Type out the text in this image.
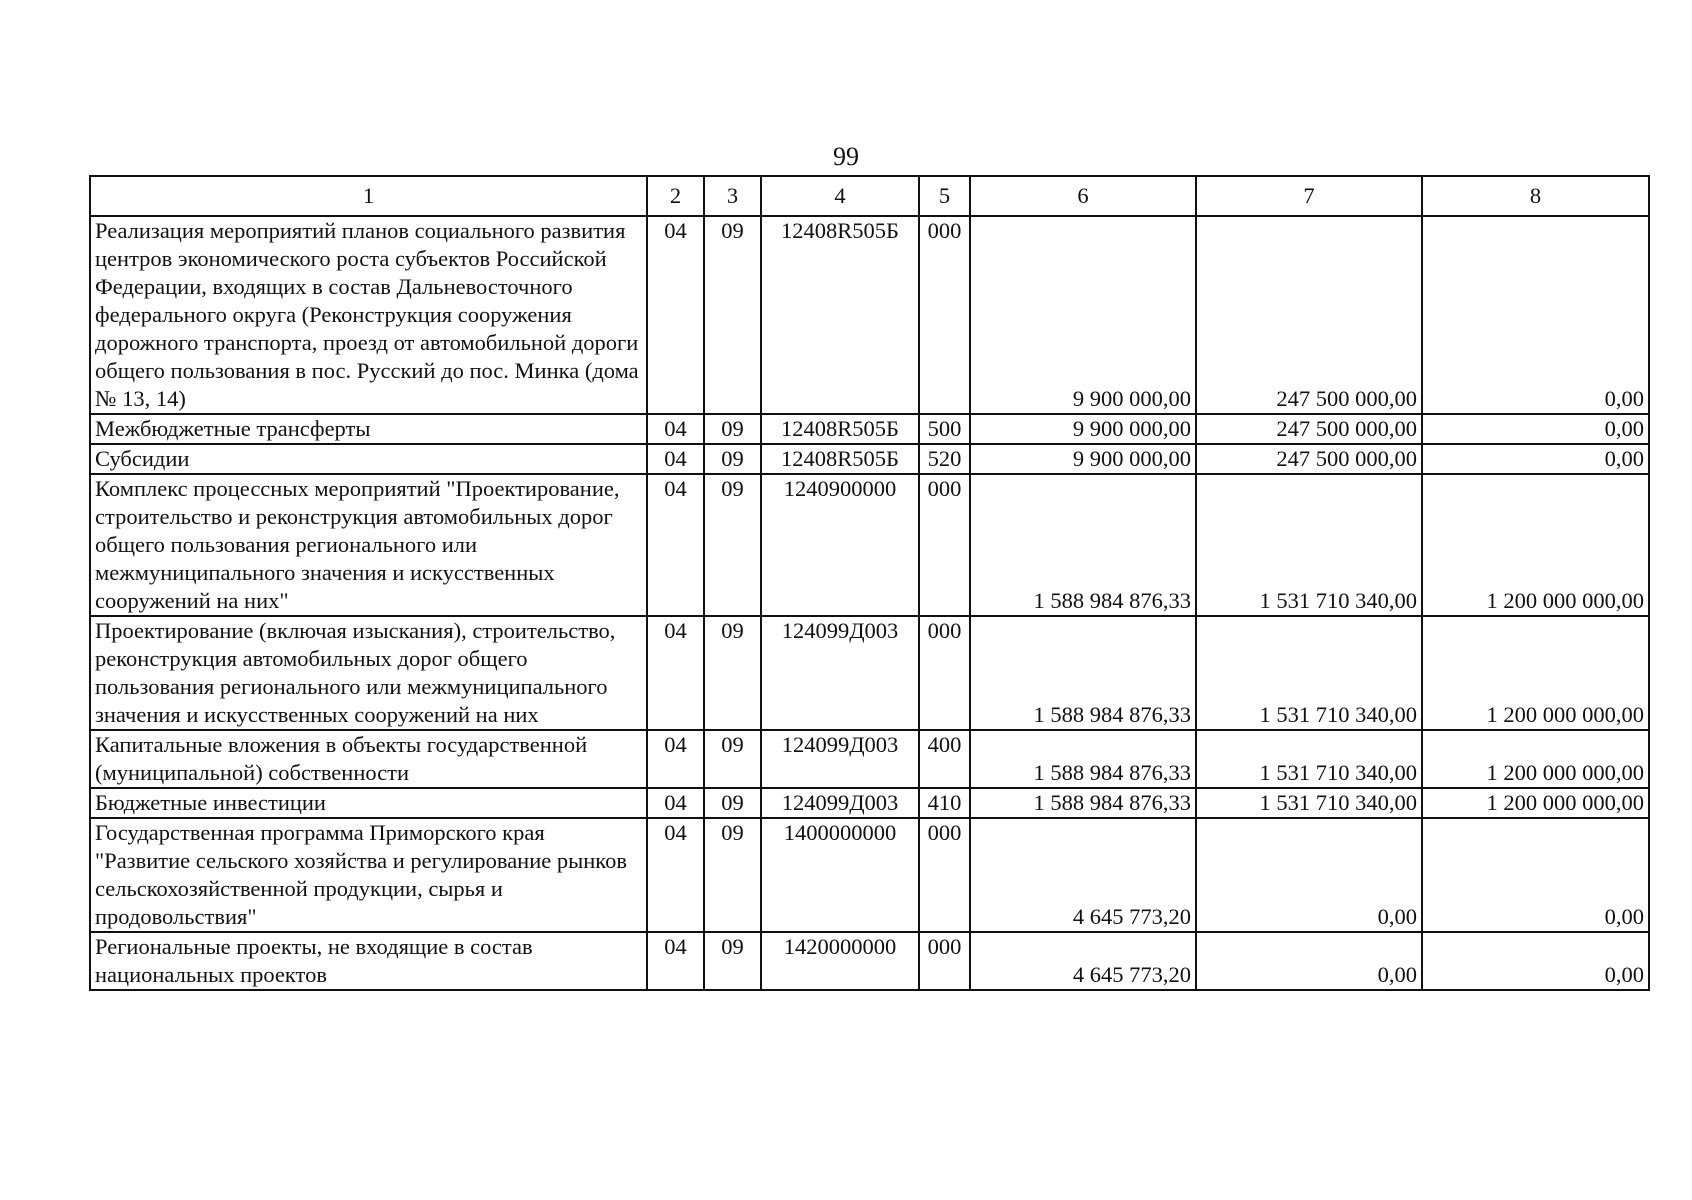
99
1	2	3	4	5	6	7	8
Реализация мероприятий планов социального развития центров экономического роста субъектов Российской Федерации, входящих в состав Дальневосточного федерального округа (Реконструкция сооружения дорожного транспорта, проезд от автомобильной дороги общего пользования в пос. Русский до пос. Минка (дома № 13, 14)	04	09	12408R505Б	000	9 900 000,00	247 500 000,00	0,00
Межбюджетные трансферты	04	09	12408R505Б	500	9 900 000,00	247 500 000,00	0,00
Субсидии	04	09	12408R505Б	520	9 900 000,00	247 500 000,00	0,00
Комплекс процессных мероприятий "Проектирование, строительство и реконструкция автомобильных дорог общего пользования регионального или межмуниципального значения и искусственных сооружений на них"	04	09	1240900000	000	1 588 984 876,33	1 531 710 340,00	1 200 000 000,00
Проектирование (включая изыскания), строительство, реконструкция автомобильных дорог общего пользования регионального или межмуниципального значения и искусственных сооружений на них	04	09	124099Д003	000	1 588 984 876,33	1 531 710 340,00	1 200 000 000,00
Капитальные вложения в объекты государственной (муниципальной) собственности	04	09	124099Д003	400	1 588 984 876,33	1 531 710 340,00	1 200 000 000,00
Бюджетные инвестиции	04	09	124099Д003	410	1 588 984 876,33	1 531 710 340,00	1 200 000 000,00
Государственная программа Приморского края "Развитие сельского хозяйства и регулирование рынков сельскохозяйственной продукции, сырья и продовольствия"	04	09	1400000000	000	4 645 773,20	0,00	0,00
Региональные проекты, не входящие в состав национальных проектов	04	09	1420000000	000	4 645 773,20	0,00	0,00
